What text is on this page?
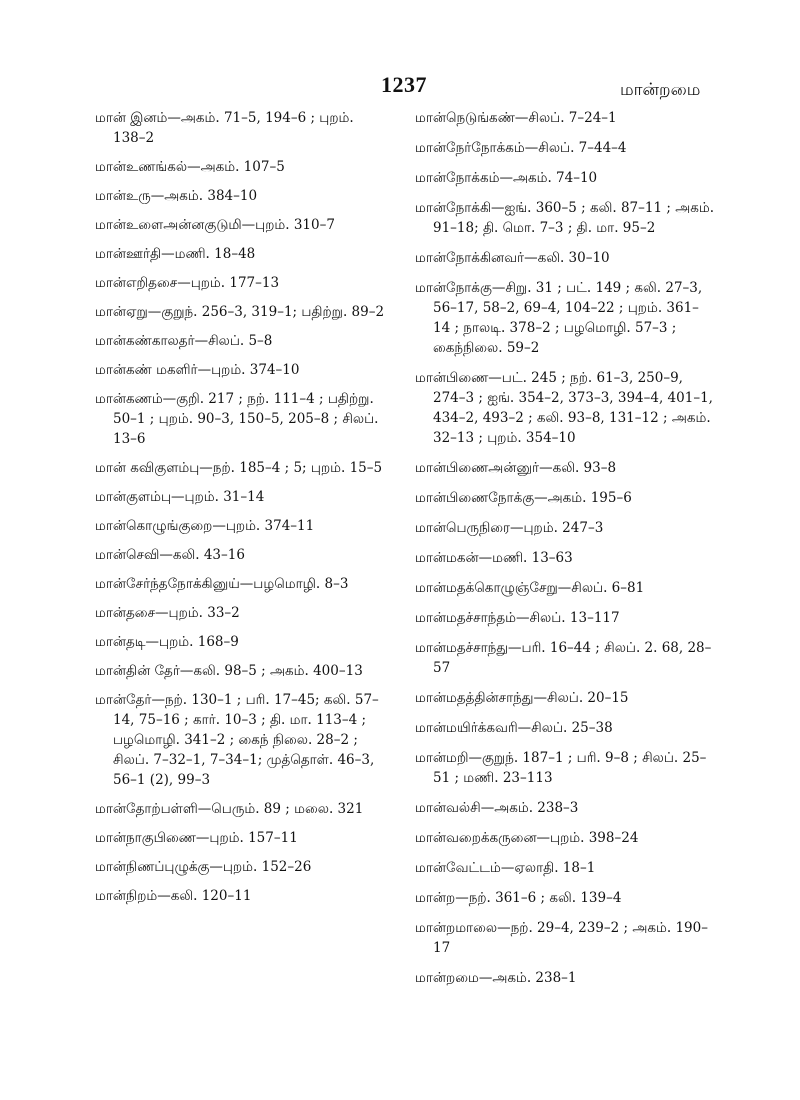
1237	மான்றமை
மான் இனம்—அகம். 71–5, 194–6 ; புறம். 138–2
மான்உணங்கல்—அகம். 107–5
மான்உரு—அகம். 384–10
மான்உளைஅன்னகுடுமி—புறம். 310–7
மான்ஊர்தி—மணி. 18–48
மான்எறிதசை—புறம். 177–13
மான்ஏறு—குறுந். 256–3, 319–1; பதிற்று. 89–2
மான்கண்காலதர்—சிலப். 5–8
மான்கண் மகளிர்—புறம். 374–10
மான்கணம்—குறி. 217 ; நற். 111–4 ; பதிற்று. 50–1 ; புறம். 90–3, 150–5, 205–8 ; சிலப். 13–6
மான் கவிகுளம்பு—நற். 185–4 ; 5; புறம். 15–5
மான்குளம்பு—புறம். 31–14
மான்கொழுங்குறை—புறம். 374–11
மான்செவி—கலி. 43–16
மான்சேர்ந்தநோக்கினுய்—பழமொழி. 8–3
மான்தசை—புறம். 33–2
மான்தடி—புறம். 168–9
மான்தின் தேர்—கலி. 98–5 ; அகம். 400–13
மான்தேர்—நற். 130–1 ; பரி. 17–45; கலி. 57–14, 75–16 ; கார். 10–3 ; தி. மா. 113–4 ; பழமொழி. 341–2 ; கைந் நிலை. 28–2 ; சிலப். 7–32–1, 7–34–1; முத்தொள். 46–3, 56–1 (2), 99–3
மான்தோற்பள்ளி—பெரும். 89 ; மலை. 321
மான்நாகுபிணை—புறம். 157–11
மான்நிணப்புழுக்கு—புறம். 152–26
மான்நிறம்—கலி. 120–11
மான்நெடுங்கண்—சிலப். 7–24–1
மான்நேர்நோக்கம்—சிலப். 7–44–4
மான்நோக்கம்—அகம். 74–10
மான்நோக்கி—ஐங். 360–5 ; கலி. 87–11 ; அகம். 91–18; தி. மொ. 7–3 ; தி. மா. 95–2
மான்நோக்கினவர்—கலி. 30–10
மான்நோக்கு—சிறு. 31 ; பட். 149 ; கலி. 27–3, 56–17, 58–2, 69–4, 104–22 ; புறம். 361–14 ; நாலடி. 378–2 ; பழமொழி. 57–3 ; கைந்நிலை. 59–2
மான்பிணை—பட். 245 ; நற். 61–3, 250–9, 274–3 ; ஐங். 354–2, 373–3, 394–4, 401–1, 434–2, 493–2 ; கலி. 93–8, 131–12 ; அகம். 32–13 ; புறம். 354–10
மான்பிணைஅன்னுர்—கலி. 93–8
மான்பிணைநோக்கு—அகம். 195–6
மான்பெருநிரை—புறம். 247–3
மான்மகன்—மணி. 13–63
மான்மதக்கொழுஞ்சேறு—சிலப். 6–81
மான்மதச்சாந்தம்—சிலப். 13–117
மான்மதச்சாந்து—பரி. 16–44 ; சிலப். 2. 68, 28–57
மான்மதத்தின்சாந்து—சிலப். 20–15
மான்மயிர்க்கவரி—சிலப். 25–38
மான்மறி—குறுந். 187–1 ; பரி. 9–8 ; சிலப். 25–51 ; மணி. 23–113
மான்வல்சி—அகம். 238–3
மான்வறைக்கருனை—புறம். 398–24
மான்வேட்டம்—ஏலாதி. 18–1
மான்ற—நற். 361–6 ; கலி. 139–4
மான்றமாலை—நற். 29–4, 239–2 ; அகம். 190–17
மான்றமை—அகம். 238–1
